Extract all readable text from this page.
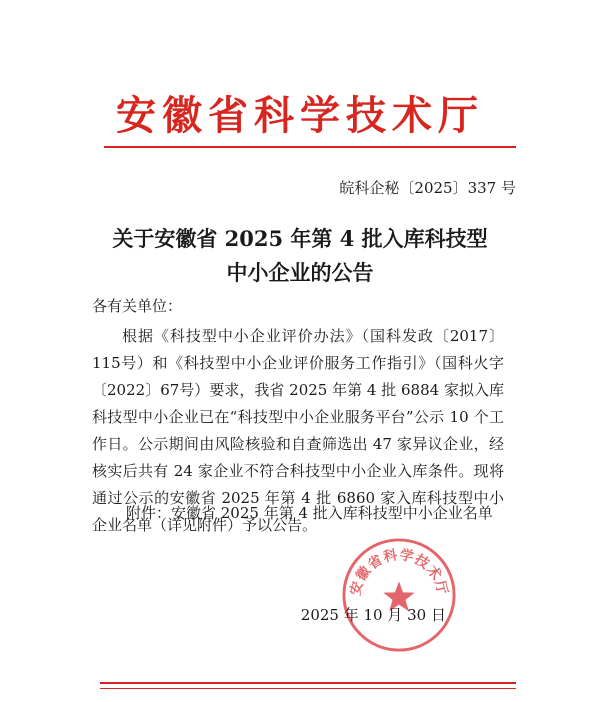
安徽省科学技术厅
皖科企秘〔2025〕337 号
关于安徽省 2025 年第 4 批入库科技型
中小企业的公告
各有关单位：

根据《科技型中小企业评价办法》（国科发政〔2017〕115号）和《科技型中小企业评价服务工作指引》（国科火字〔2022〕67号）要求，我省 2025 年第 4 批 6884 家拟入库科技型中小企业已在“科技型中小企业服务平台”公示 10 个工作日。公示期间由风险核验和自查筛选出 47 家异议企业，经核实后共有 24 家企业不符合科技型中小企业入库条件。现将通过公示的安徽省 2025 年第 4 批 6860 家入库科技型中小企业名单（详见附件）予以公告。

附件：安徽省 2025 年第 4 批入库科技型中小企业名单
安徽省科学技术厅
2025 年 10 月 30 日
